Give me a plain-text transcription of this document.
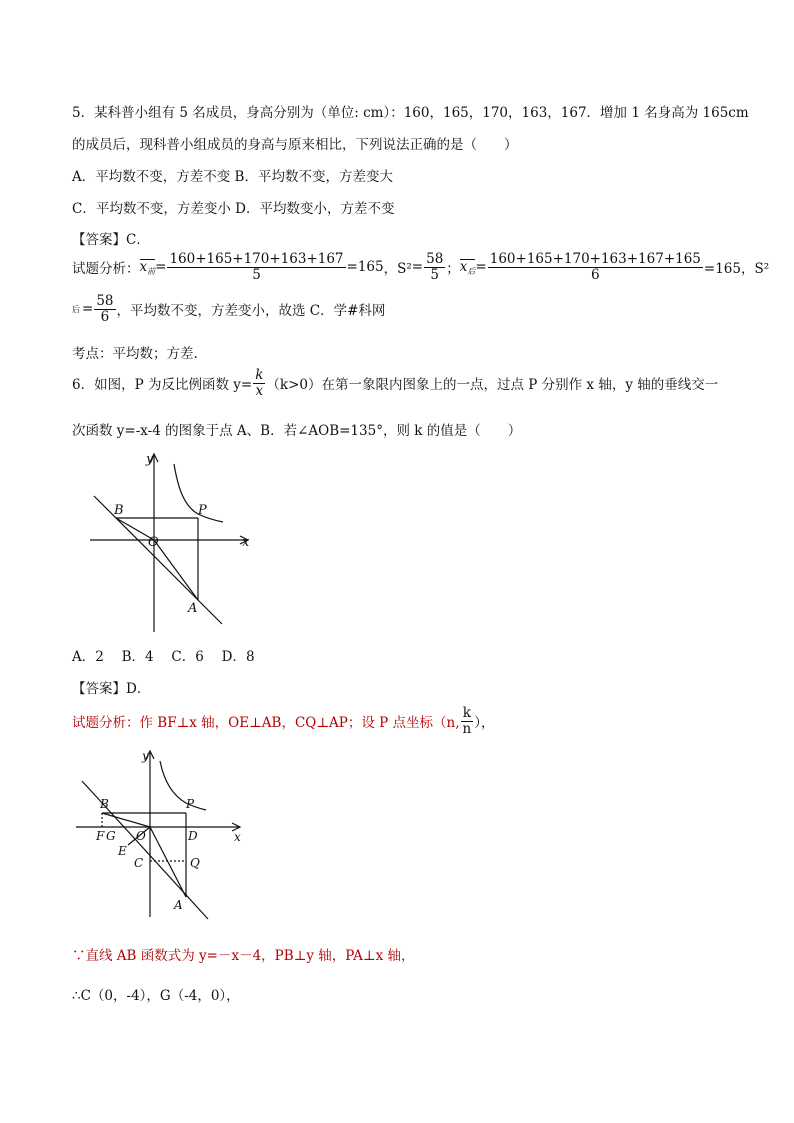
5．某科普小组有 5 名成员，身高分别为（单位: cm）：160，165，170，163，167．增加 1 名身高为 165cm
的成员后，现科普小组成员的身高与原来相比，下列说法正确的是（　　）
A．平均数不变，方差不变 B．平均数不变，方差变大
C．平均数不变，方差变小 D．平均数变小，方差不变
【答案】C．
试题分析： $x_前 = \frac{160+165+170+163+167}{5} =165$ ，$S^2 = \frac{58}{5}$ ； $x_后 = \frac{160+165+170+163+167+165}{6} =165$，S²
后 = $\frac{58}{6}$ ，平均数不变，方差变小，故选 C．学#科网
考点：平均数；方差.
6．如图，P 为反比例函数 $y= \frac{k}{x} (k>0)$在第一象限内图象上的一点，过点 P 分别作 x 轴，y 轴的垂线交一
次函数 y=-x-4 的图象于点 A、B．若∠AOB=135°，则 k 的值是（　　）
y
x
O
B	P
A
A．2　 B．4　 C．6　 D．8
【答案】D．
试题分析：作 BF⊥x 轴，OE⊥AB，CQ⊥AP；设 P 点坐标（n, $\frac{k}{n}$ ），
y
x
O
B	P
F G	D
E
C	Q
A
∵直线 AB 函数式为 y=－x－4，PB⊥y 轴，PA⊥x 轴，
∴C（0，-4），G（-4，0），
